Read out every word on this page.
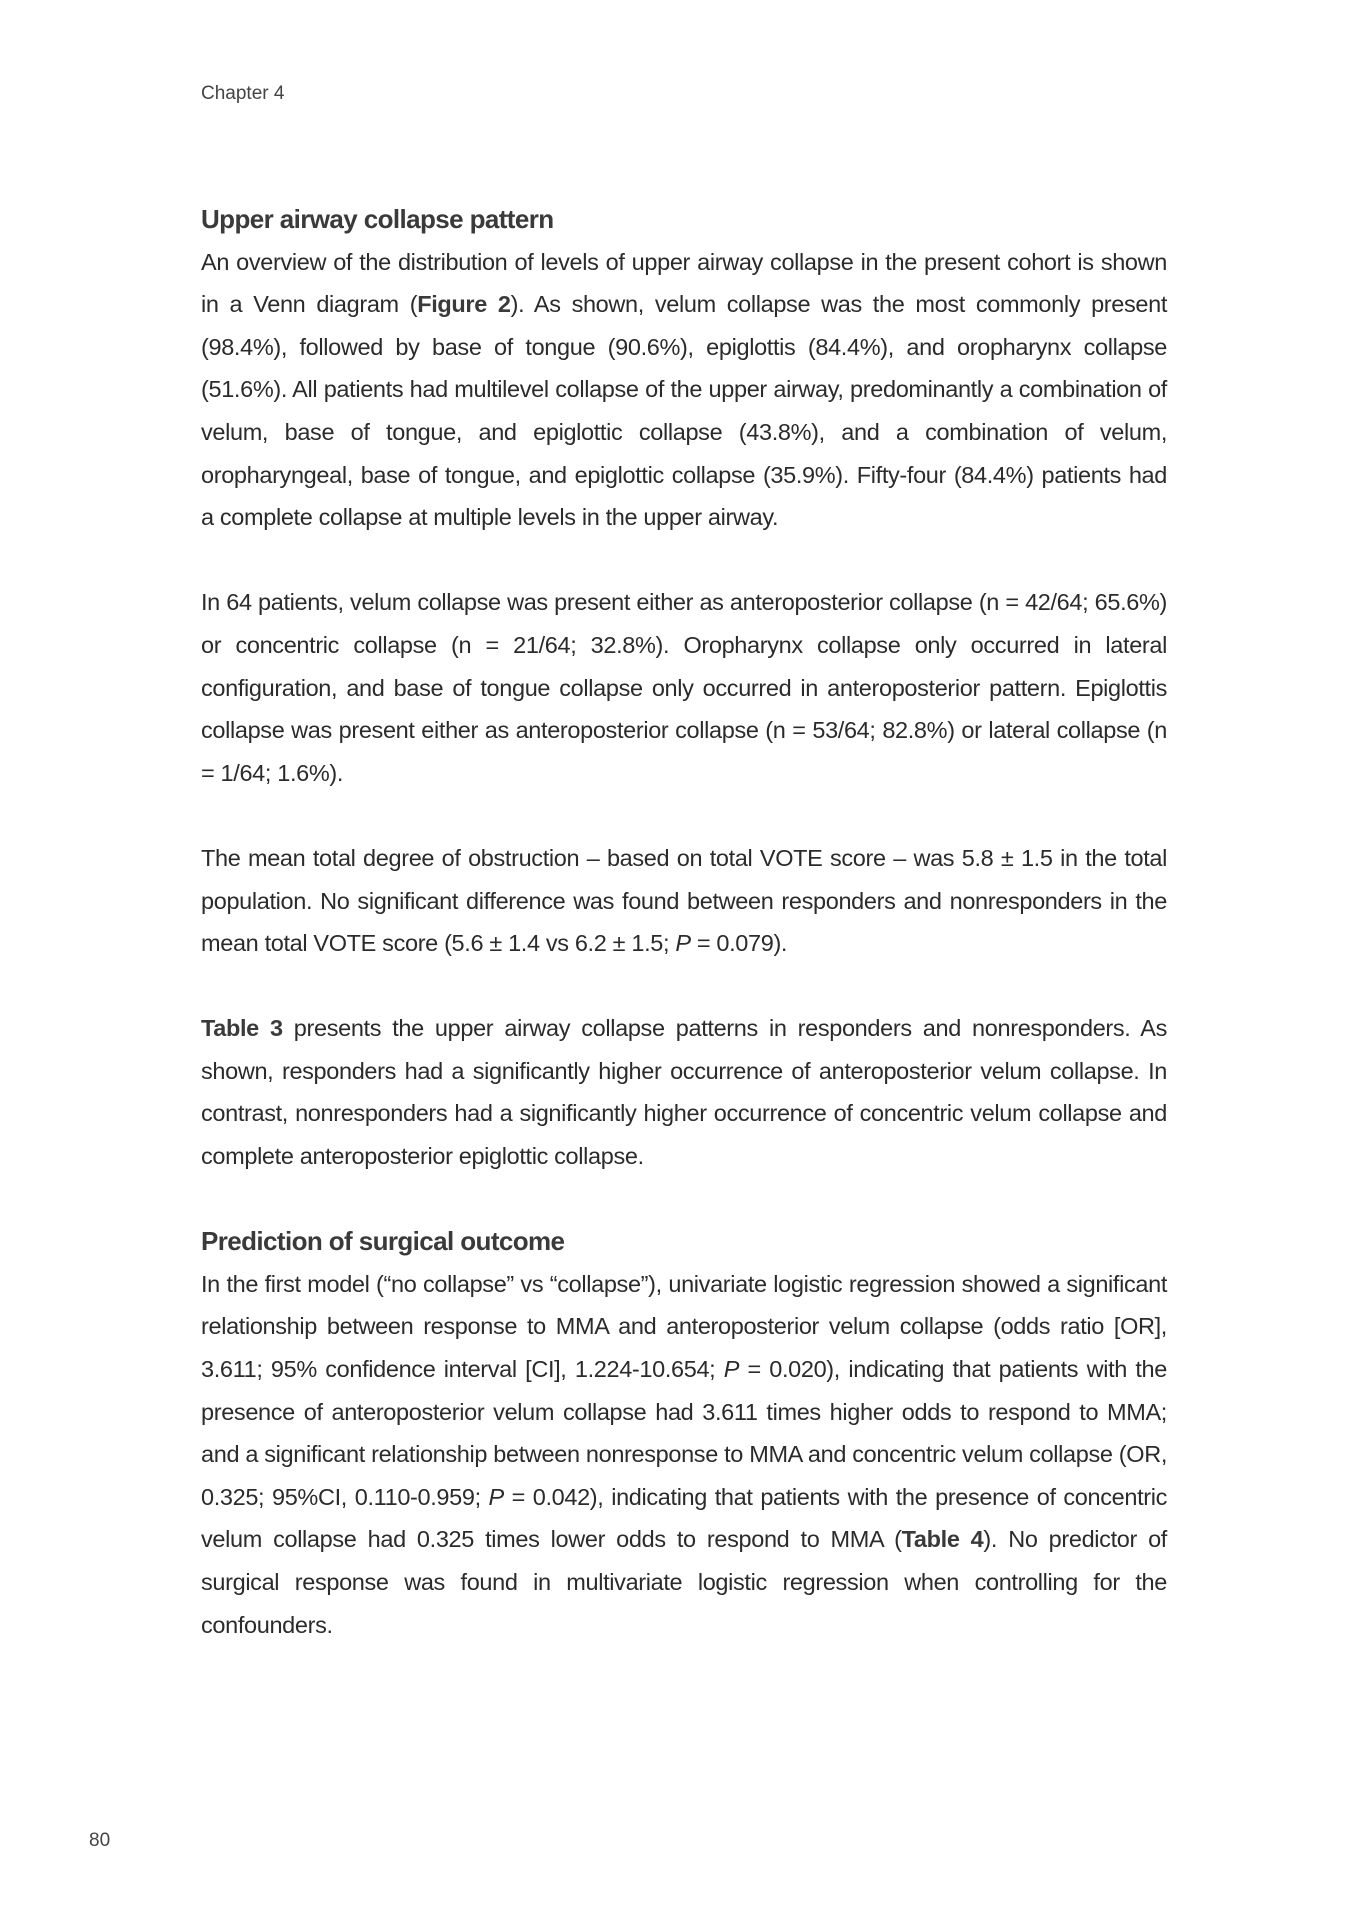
Chapter 4
Upper airway collapse pattern

An overview of the distribution of levels of upper airway collapse in the present cohort is shown in a Venn diagram (Figure 2). As shown, velum collapse was the most commonly present (98.4%), followed by base of tongue (90.6%), epiglottis (84.4%), and oropharynx collapse (51.6%). All patients had multilevel collapse of the upper airway, predominantly a combination of velum, base of tongue, and epiglottic collapse (43.8%), and a combination of velum, oropharyngeal, base of tongue, and epiglottic collapse (35.9%). Fifty-four (84.4%) patients had a complete collapse at multiple levels in the upper airway.

In 64 patients, velum collapse was present either as anteroposterior collapse (n = 42/64; 65.6%) or concentric collapse (n = 21/64; 32.8%). Oropharynx collapse only occurred in lateral configuration, and base of tongue collapse only occurred in anteroposterior pattern. Epiglottis collapse was present either as anteroposterior collapse (n = 53/64; 82.8%) or lateral collapse (n = 1/64; 1.6%).

The mean total degree of obstruction – based on total VOTE score – was 5.8 ± 1.5 in the total population. No significant difference was found between responders and nonresponders in the mean total VOTE score (5.6 ± 1.4 vs 6.2 ± 1.5; P = 0.079).

Table 3 presents the upper airway collapse patterns in responders and nonresponders. As shown, responders had a significantly higher occurrence of anteroposterior velum collapse. In contrast, nonresponders had a significantly higher occurrence of concentric velum collapse and complete anteroposterior epiglottic collapse.

Prediction of surgical outcome

In the first model (“no collapse” vs “collapse”), univariate logistic regression showed a significant relationship between response to MMA and anteroposterior velum collapse (odds ratio [OR], 3.611; 95% confidence interval [CI], 1.224-10.654; P = 0.020), indicating that patients with the presence of anteroposterior velum collapse had 3.611 times higher odds to respond to MMA; and a significant relationship between nonresponse to MMA and concentric velum collapse (OR, 0.325; 95%CI, 0.110-0.959; P = 0.042), indicating that patients with the presence of concentric velum collapse had 0.325 times lower odds to respond to MMA (Table 4). No predictor of surgical response was found in multivariate logistic regression when controlling for the confounders.

80
